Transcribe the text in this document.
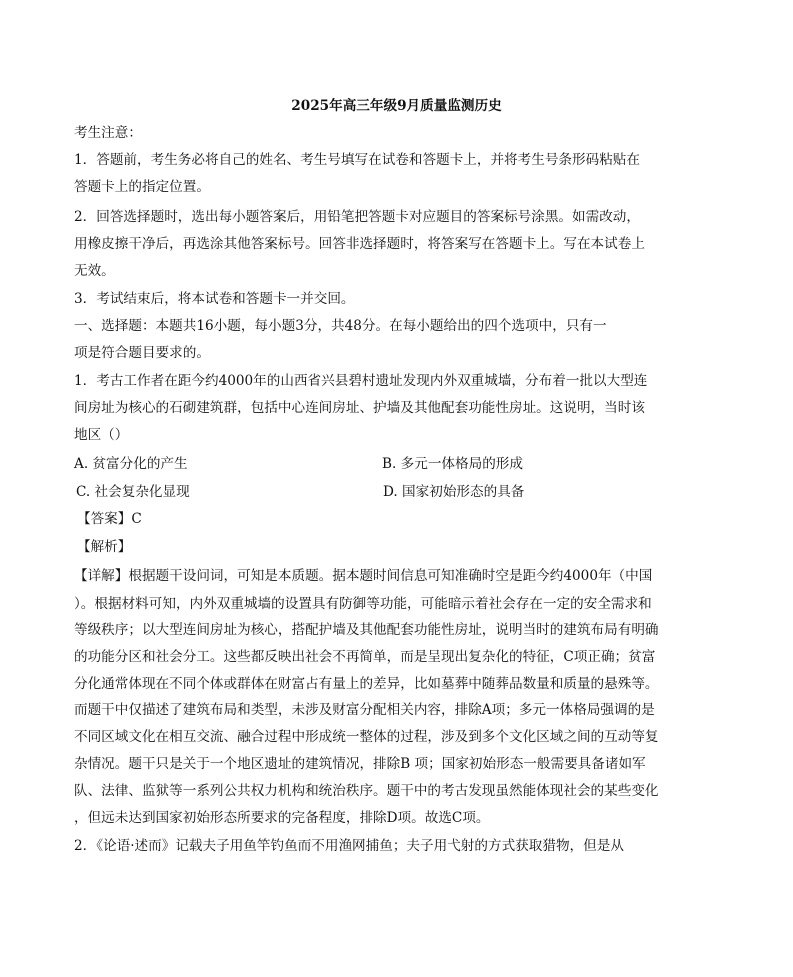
2025年高三年级9月质量监测历史

考生注意：

1．答题前，考生务必将自己的姓名、考生号填写在试卷和答题卡上，并将考生号条形码粘贴在

答题卡上的指定位置。

2．回答选择题时，选出每小题答案后，用铅笔把答题卡对应题目的答案标号涂黑。如需改动，

用橡皮擦干净后，再选涂其他答案标号。回答非选择题时，将答案写在答题卡上。写在本试卷上

无效。

3．考试结束后，将本试卷和答题卡一并交回。

一、选择题：本题共16小题，每小题3分，共48分。在每小题给出的四个选项中，只有一

项是符合题目要求的。

1．考古工作者在距今约4000年的山西省兴县碧村遗址发现内外双重城墙，分布着一批以大型连

间房址为核心的石砌建筑群，包括中心连间房址、护墙及其他配套功能性房址。这说明，当时该

地区（）

A. 贫富分化的产生	B. 多元一体格局的形成

C. 社会复杂化显现	D. 国家初始形态的具备

【答案】C

【解析】

【详解】根据题干设问词，可知是本质题。据本题时间信息可知准确时空是距今约4000年（中国

）。根据材料可知，内外双重城墙的设置具有防御等功能，可能暗示着社会存在一定的安全需求和

等级秩序；以大型连间房址为核心，搭配护墙及其他配套功能性房址，说明当时的建筑布局有明确

的功能分区和社会分工。这些都反映出社会不再简单，而是呈现出复杂化的特征，C项正确；贫富

分化通常体现在不同个体或群体在财富占有量上的差异，比如墓葬中随葬品数量和质量的悬殊等。

而题干中仅描述了建筑布局和类型，未涉及财富分配相关内容，排除A项；多元一体格局强调的是

不同区域文化在相互交流、融合过程中形成统一整体的过程，涉及到多个文化区域之间的互动等复

杂情况。题干只是关于一个地区遗址的建筑情况，排除B 项；国家初始形态一般需要具备诸如军

队、法律、监狱等一系列公共权力机构和统治秩序。题干中的考古发现虽然能体现社会的某些变化

，但远未达到国家初始形态所要求的完备程度，排除D项。故选C项。

2．《论语·述而》记载夫子用鱼竿钓鱼而不用渔网捕鱼；夫子用弋射的方式获取猎物，但是从
